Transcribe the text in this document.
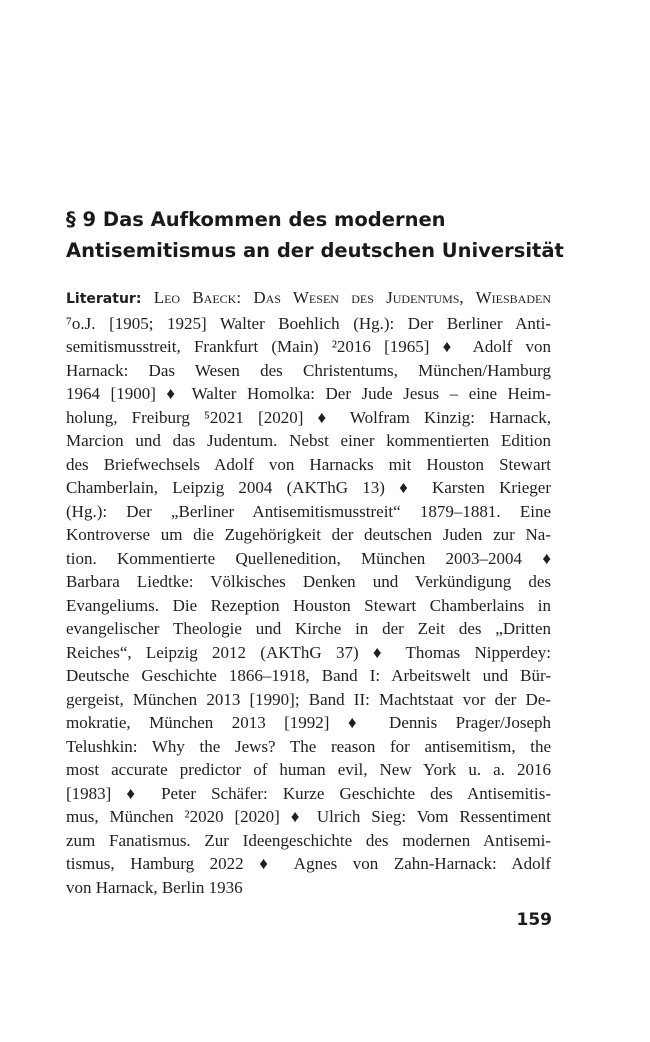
§ 9 Das Aufkommen des modernen
Antisemitismus an der deutschen Universität
Literatur: Leo Baeck: Das Wesen des Judentums, Wiesbaden
⁷o.J. [1905; 1925] Walter Boehlich (Hg.): Der Berliner Anti-
semitismusstreit, Frankfurt (Main) ²2016 [1965] ♦ Adolf von
Harnack: Das Wesen des Christentums, München/Hamburg
1964 [1900] ♦ Walter Homolka: Der Jude Jesus – eine Heim-
holung, Freiburg ⁵2021 [2020] ♦ Wolfram Kinzig: Harnack,
Marcion und das Judentum. Nebst einer kommentierten Edition
des Briefwechsels Adolf von Harnacks mit Houston Stewart
Chamberlain, Leipzig 2004 (AKThG 13) ♦ Karsten Krieger
(Hg.): Der „Berliner Antisemitismusstreit“ 1879–1881. Eine
Kontroverse um die Zugehörigkeit der deutschen Juden zur Na-
tion. Kommentierte Quellenedition, München 2003–2004 ♦
Barbara Liedtke: Völkisches Denken und Verkündigung des
Evangeliums. Die Rezeption Houston Stewart Chamberlains in
evangelischer Theologie und Kirche in der Zeit des „Dritten
Reiches“, Leipzig 2012 (AKThG 37) ♦ Thomas Nipperdey:
Deutsche Geschichte 1866–1918, Band I: Arbeitswelt und Bür-
gergeist, München 2013 [1990]; Band II: Machtstaat vor der De-
mokratie, München 2013 [1992] ♦ Dennis Prager/Joseph
Telushkin: Why the Jews? The reason for antisemitism, the
most accurate predictor of human evil, New York u. a. 2016
[1983] ♦ Peter Schäfer: Kurze Geschichte des Antisemitis-
mus, München ²2020 [2020] ♦ Ulrich Sieg: Vom Ressentiment
zum Fanatismus. Zur Ideengeschichte des modernen Antisemi-
tismus, Hamburg 2022 ♦ Agnes von Zahn-Harnack: Adolf
von Harnack, Berlin 1936
159
